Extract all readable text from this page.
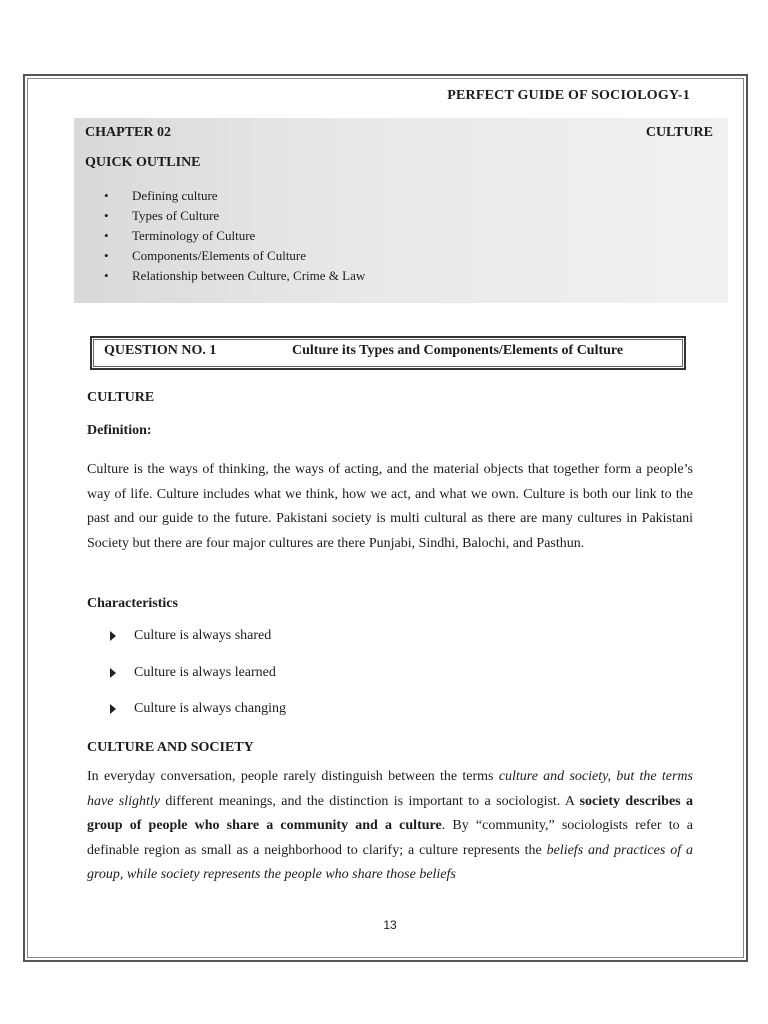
PERFECT GUIDE OF SOCIOLOGY-1
CHAPTER 02	CULTURE
QUICK OUTLINE
• Defining culture
• Types of Culture
• Terminology of Culture
• Components/Elements of Culture
• Relationship between Culture, Crime & Law
QUESTION NO. 1	Culture its Types and Components/Elements of Culture
CULTURE
Definition:

Culture is the ways of thinking, the ways of acting, and the material objects that together form a people’s way of life. Culture includes what we think, how we act, and what we own. Culture is both our link to the past and our guide to the future. Pakistani society is multi cultural as there are many cultures in Pakistani Society but there are four major cultures are there Punjabi, Sindhi, Balochi, and Pasthun.

Characteristics
Culture is always shared
Culture is always learned
Culture is always changing
CULTURE AND SOCIETY

In everyday conversation, people rarely distinguish between the terms culture and society, but the terms have slightly different meanings, and the distinction is important to a sociologist. A society describes a group of people who share a community and a culture. By “community,” sociologists refer to a definable region as small as a neighborhood to clarify; a culture represents the beliefs and practices of a group, while society represents the people who share those beliefs

13
